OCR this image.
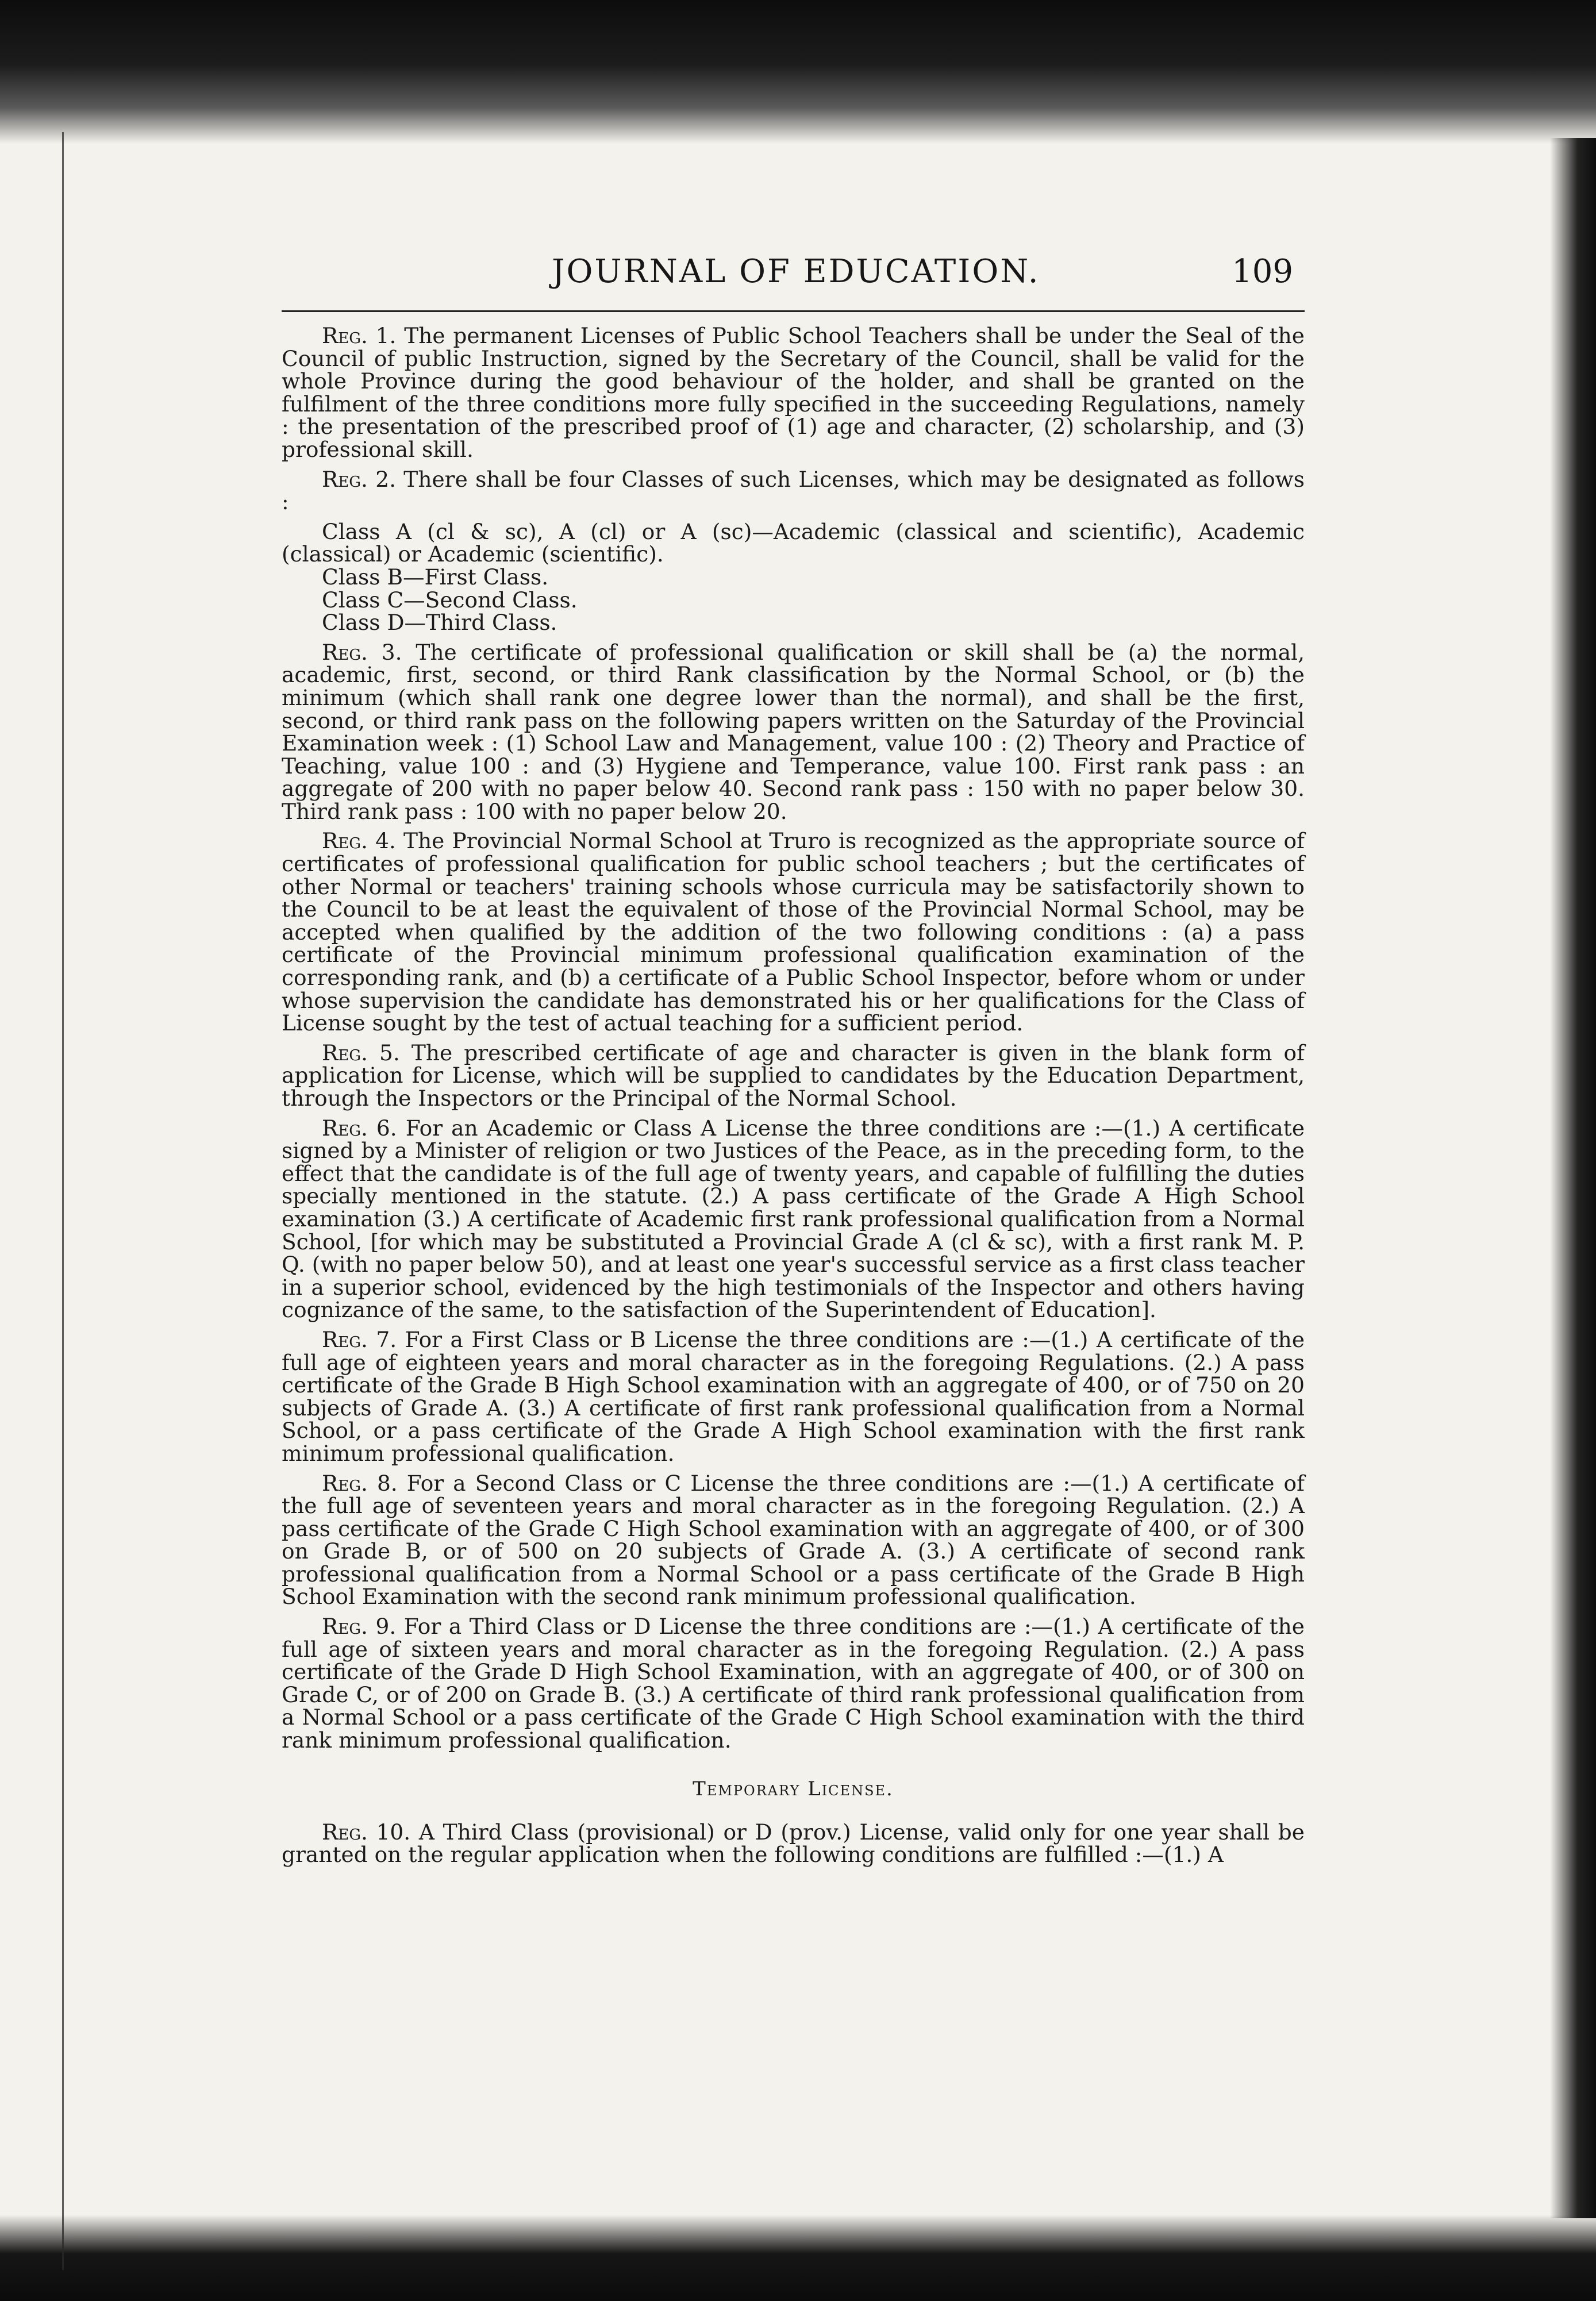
JOURNAL OF EDUCATION.	109

Reg. 1. The permanent Licenses of Public School Teachers shall be under the Seal of the Council of public Instruction, signed by the Secretary of the Council, shall be valid for the whole Province during the good behaviour of the holder, and shall be granted on the fulfilment of the three conditions more fully specified in the succeeding Regulations, namely : the presentation of the prescribed proof of (1) age and character, (2) scholarship, and (3) professional skill.

Reg. 2. There shall be four Classes of such Licenses, which may be designated as follows :

Class A (cl & sc), A (cl) or A (sc)—Academic (classical and scientific), Academic (classical) or Academic (scientific).

Class B—First Class.

Class C—Second Class.

Class D—Third Class.

Reg. 3. The certificate of professional qualification or skill shall be (a) the normal, academic, first, second, or third Rank classification by the Normal School, or (b) the minimum (which shall rank one degree lower than the normal), and shall be the first, second, or third rank pass on the following papers written on the Saturday of the Provincial Examination week : (1) School Law and Management, value 100 : (2) Theory and Practice of Teaching, value 100 : and (3) Hygiene and Temperance, value 100. First rank pass : an aggregate of 200 with no paper below 40. Second rank pass : 150 with no paper below 30. Third rank pass : 100 with no paper below 20.

Reg. 4. The Provincial Normal School at Truro is recognized as the appropriate source of certificates of professional qualification for public school teachers ; but the certificates of other Normal or teachers' training schools whose curricula may be satisfactorily shown to the Council to be at least the equivalent of those of the Provincial Normal School, may be accepted when qualified by the addition of the two following conditions : (a) a pass certificate of the Provincial minimum professional qualification examination of the corresponding rank, and (b) a certificate of a Public School Inspector, before whom or under whose supervision the candidate has demonstrated his or her qualifications for the Class of License sought by the test of actual teaching for a sufficient period.

Reg. 5. The prescribed certificate of age and character is given in the blank form of application for License, which will be supplied to candidates by the Education Department, through the Inspectors or the Principal of the Normal School.

Reg. 6. For an Academic or Class A License the three conditions are :—(1.) A certificate signed by a Minister of religion or two Justices of the Peace, as in the preceding form, to the effect that the candidate is of the full age of twenty years, and capable of fulfilling the duties specially mentioned in the statute. (2.) A pass certificate of the Grade A High School examination (3.) A certificate of Academic first rank professional qualification from a Normal School, [for which may be substituted a Provincial Grade A (cl & sc), with a first rank M. P. Q. (with no paper below 50), and at least one year's successful service as a first class teacher in a superior school, evidenced by the high testimonials of the Inspector and others having cognizance of the same, to the satisfaction of the Superintendent of Education].

Reg. 7. For a First Class or B License the three conditions are :—(1.) A certificate of the full age of eighteen years and moral character as in the foregoing Regulations. (2.) A pass certificate of the Grade B High School examination with an aggregate of 400, or of 750 on 20 subjects of Grade A. (3.) A certificate of first rank professional qualification from a Normal School, or a pass certificate of the Grade A High School examination with the first rank minimum professional qualification.

Reg. 8. For a Second Class or C License the three conditions are :—(1.) A certificate of the full age of seventeen years and moral character as in the foregoing Regulation. (2.) A pass certificate of the Grade C High School examination with an aggregate of 400, or of 300 on Grade B, or of 500 on 20 subjects of Grade A. (3.) A certificate of second rank professional qualification from a Normal School or a pass certificate of the Grade B High School Examination with the second rank minimum professional qualification.

Reg. 9. For a Third Class or D License the three conditions are :—(1.) A certificate of the full age of sixteen years and moral character as in the foregoing Regulation. (2.) A pass certificate of the Grade D High School Examination, with an aggregate of 400, or of 300 on Grade C, or of 200 on Grade B. (3.) A certificate of third rank professional qualification from a Normal School or a pass certificate of the Grade C High School examination with the third rank minimum professional qualification.

Temporary License.

Reg. 10. A Third Class (provisional) or D (prov.) License, valid only for one year shall be granted on the regular application when the following conditions are fulfilled :—(1.) A
